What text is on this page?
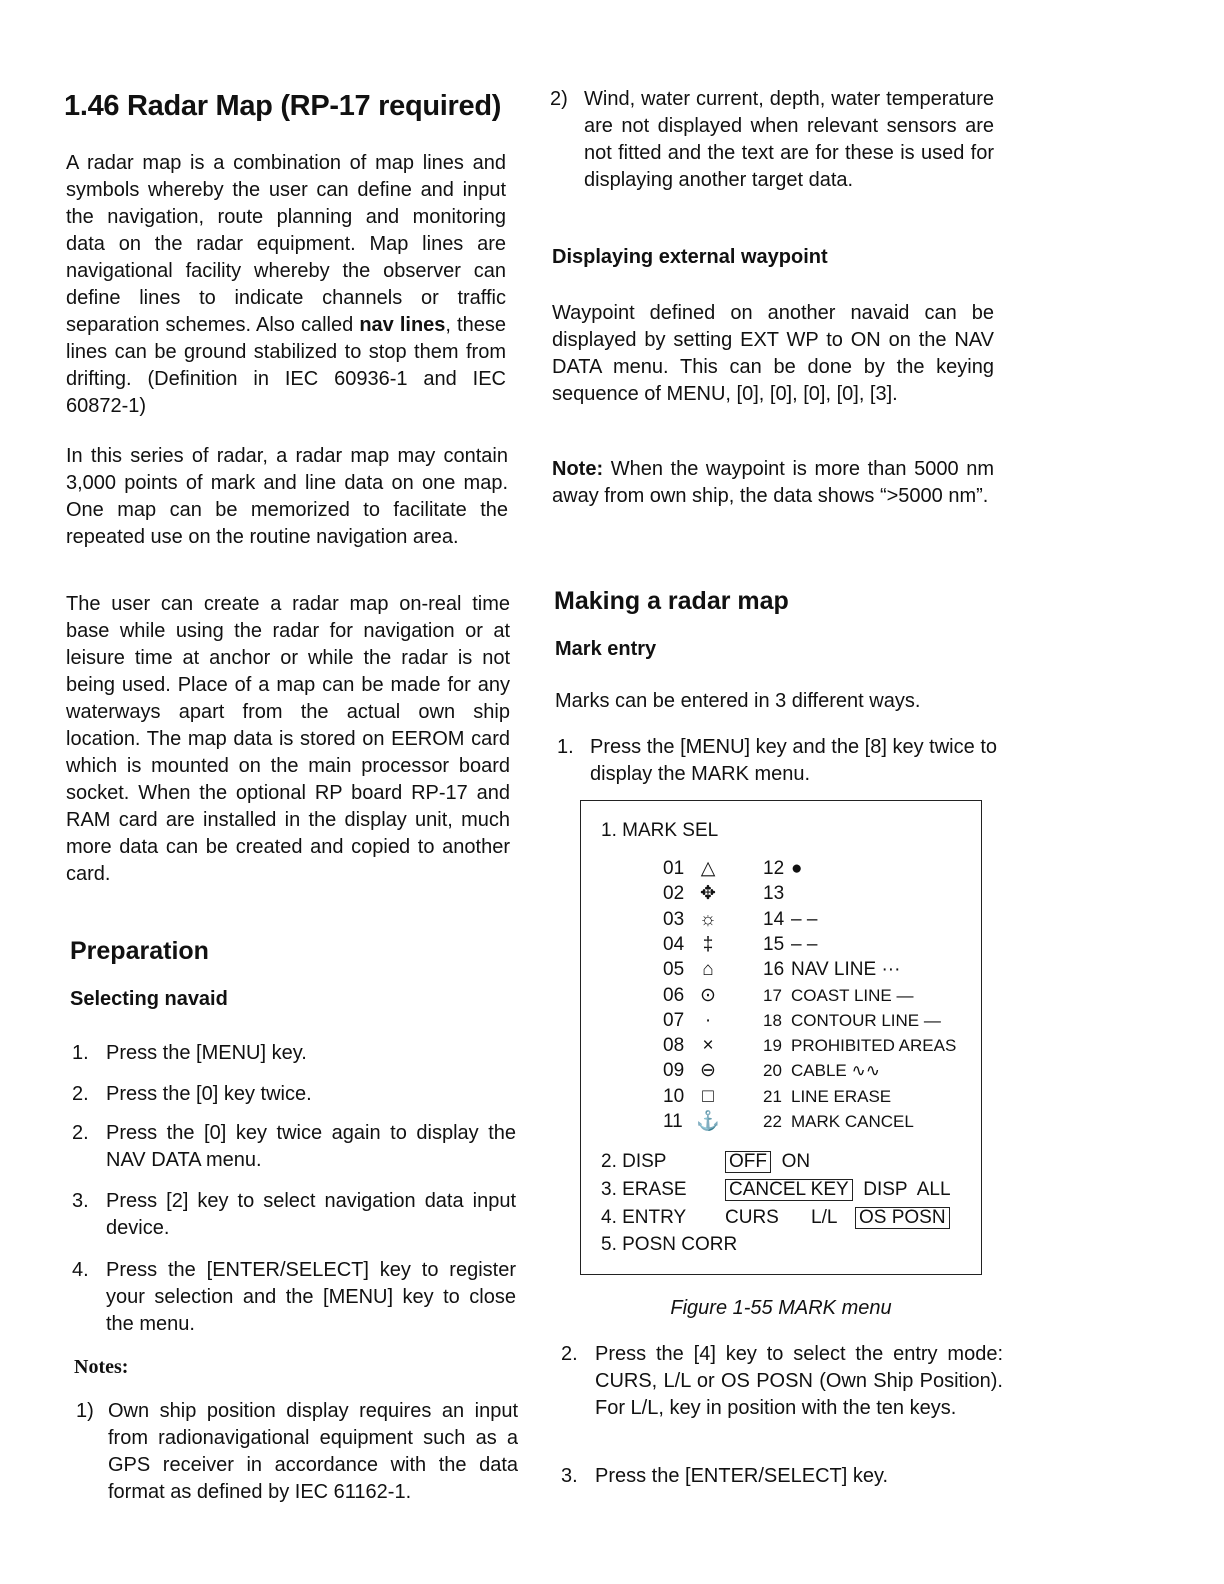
1.46 Radar Map (RP-17 required)

A radar map is a combination of map lines and symbols whereby the user can define and input the navigation, route planning and monitoring data on the radar equipment. Map lines are navigational facility whereby the observer can define lines to indicate channels or traffic separation schemes. Also called nav lines, these lines can be ground stabilized to stop them from drifting. (Definition in IEC 60936-1 and IEC 60872-1)

In this series of radar, a radar map may contain 3,000 points of mark and line data on one map. One map can be memorized to facilitate the repeated use on the routine navigation area.

The user can create a radar map on-real time base while using the radar for navigation or at leisure time at anchor or while the radar is not being used. Place of a map can be made for any waterways apart from the actual own ship location. The map data is stored on EEROM card which is mounted on the main processor board socket. When the optional RP board RP-17 and RAM card are installed in the display unit, much more data can be created and copied to another card.

Preparation
Selecting navaid
1. Press the [MENU] key.
2. Press the [0] key twice.
2. Press the [0] key twice again to display the NAV DATA menu.
3. Press [2] key to select navigation data input device.
4. Press the [ENTER/SELECT] key to register your selection and the [MENU] key to close the menu.
Notes:
1) Own ship position display requires an input from radionavigational equipment such as a GPS receiver in accordance with the data format as defined by IEC 61162-1.
2) Wind, water current, depth, water temperature are not displayed when relevant sensors are not fitted and the text are for these is used for displaying another target data.
Displaying external waypoint

Waypoint defined on another navaid can be displayed by setting EXT WP to ON on the NAV DATA menu. This can be done by the keying sequence of MENU, [0], [0], [0], [0], [3].

Note: When the waypoint is more than 5000 nm away from own ship, the data shows “>5000 nm”.

Making a radar map
Mark entry

Marks can be entered in 3 different ways.

1. Press the [MENU] key and the [8] key twice to display the MARK menu.
1. MARK SEL
01 △
02 ✥
03 ☼
04 ‡
05 ⌂
06 ⊙
07 ·
08 ×
09 ⊖
10 □
11 ⚓
12 ●
13
14 – –
15 – –
16 NAV LINE ···
17 COAST LINE —
18 CONTOUR LINE —
19 PROHIBITED AREAS
20 CABLE ∿∿
21 LINE ERASE
22 MARK CANCEL
2. DISP	OFF ON
3. ERASE CANCEL KEY DISP  ALL
4. ENTRY CURS L/L OS POSN
5. POSN CORR
Figure 1-55 MARK menu
2. Press the [4] key to select the entry mode: CURS, L/L or OS POSN (Own Ship Position). For L/L, key in position with the ten keys.
3. Press the [ENTER/SELECT] key.
